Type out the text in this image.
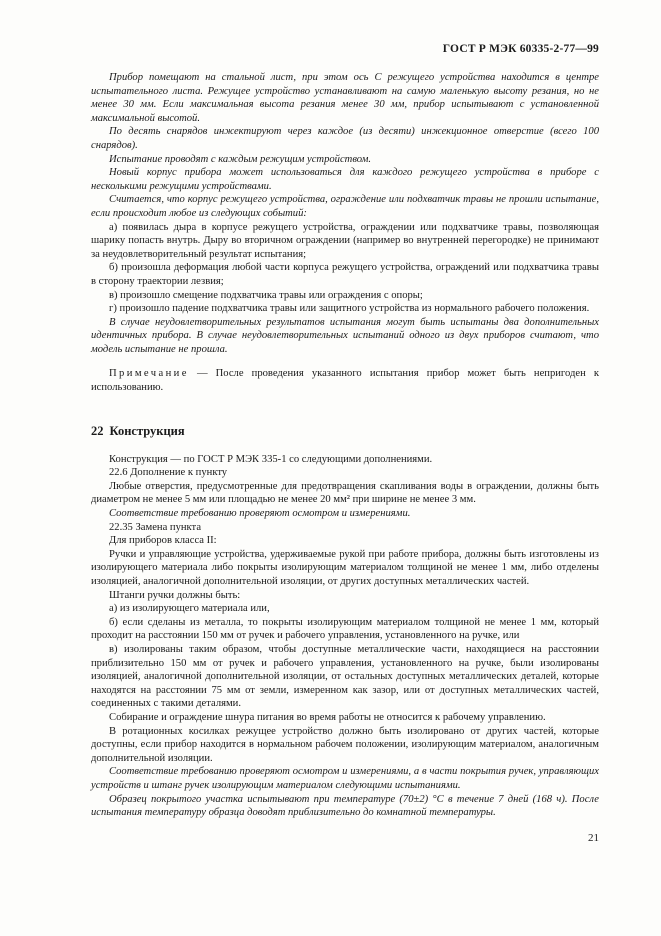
ГОСТ Р МЭК 60335-2-77—99

Прибор помещают на стальной лист, при этом ось С режущего устройства находится в центре испытательного листа. Режущее устройство устанавливают на самую маленькую высоту резания, но не менее 30 мм. Если максимальная высота резания менее 30 мм, прибор испытывают с установленной максимальной высотой.

По десять снарядов инжектируют через каждое (из десяти) инжекционное отверстие (всего 100 снарядов).

Испытание проводят с каждым режущим устройством.

Новый корпус прибора может использоваться для каждого режущего устройства в приборе с несколькими режущими устройствами.

Считается, что корпус режущего устройства, ограждение или подхватчик травы не прошли испытание, если происходит любое из следующих событий:

а) появилась дыра в корпусе режущего устройства, ограждении или подхватчике травы, позволяющая шарику попасть внутрь. Дыру во вторичном ограждении (например во внутренней перегородке) не принимают за неудовлетворительный результат испытания;

б) произошла деформация любой части корпуса режущего устройства, ограждений или подхватчика травы в сторону траектории лезвия;

в) произошло смещение подхватчика травы или ограждения с опоры;

г) произошло падение подхватчика травы или защитного устройства из нормального рабочего положения.

В случае неудовлетворительных результатов испытания могут быть испытаны два дополнительных идентичных прибора. В случае неудовлетворительных испытаний одного из двух приборов считают, что модель испытание не прошла.

Примечание — После проведения указанного испытания прибор может быть непригоден к использованию.

22 Конструкция

Конструкция — по ГОСТ Р МЭК 335-1 со следующими дополнениями.

22.6 Дополнение к пункту

Любые отверстия, предусмотренные для предотвращения скапливания воды в ограждении, должны быть диаметром не менее 5 мм или площадью не менее 20 мм² при ширине не менее 3 мм.

Соответствие требованию проверяют осмотром и измерениями.

22.35 Замена пункта

Для приборов класса II:

Ручки и управляющие устройства, удерживаемые рукой при работе прибора, должны быть изготовлены из изолирующего материала либо покрыты изолирующим материалом толщиной не менее 1 мм, либо отделены изоляцией, аналогичной дополнительной изоляции, от других доступных металлических частей.

Штанги ручки должны быть:

а) из изолирующего материала или,

б) если сделаны из металла, то покрыты изолирующим материалом толщиной не менее 1 мм, который проходит на расстоянии 150 мм от ручек и рабочего управления, установленного на ручке, или

в) изолированы таким образом, чтобы доступные металлические части, находящиеся на расстоянии приблизительно 150 мм от ручек и рабочего управления, установленного на ручке, были изолированы изоляцией, аналогичной дополнительной изоляции, от остальных доступных металлических деталей, которые находятся на расстоянии 75 мм от земли, измеренном как зазор, или от доступных металлических частей, соединенных с такими деталями.

Собирание и ограждение шнура питания во время работы не относится к рабочему управлению.

В ротационных косилках режущее устройство должно быть изолировано от других частей, которые доступны, если прибор находится в нормальном рабочем положении, изолирующим материалом, аналогичным дополнительной изоляции.

Соответствие требованию проверяют осмотром и измерениями, а в части покрытия ручек, управляющих устройств и штанг ручек изолирующим материалом следующими испытаниями.

Образец покрытого участка испытывают при температуре (70±2) °С в течение 7 дней (168 ч). После испытания температуру образца доводят приблизительно до комнатной температуры.

21
